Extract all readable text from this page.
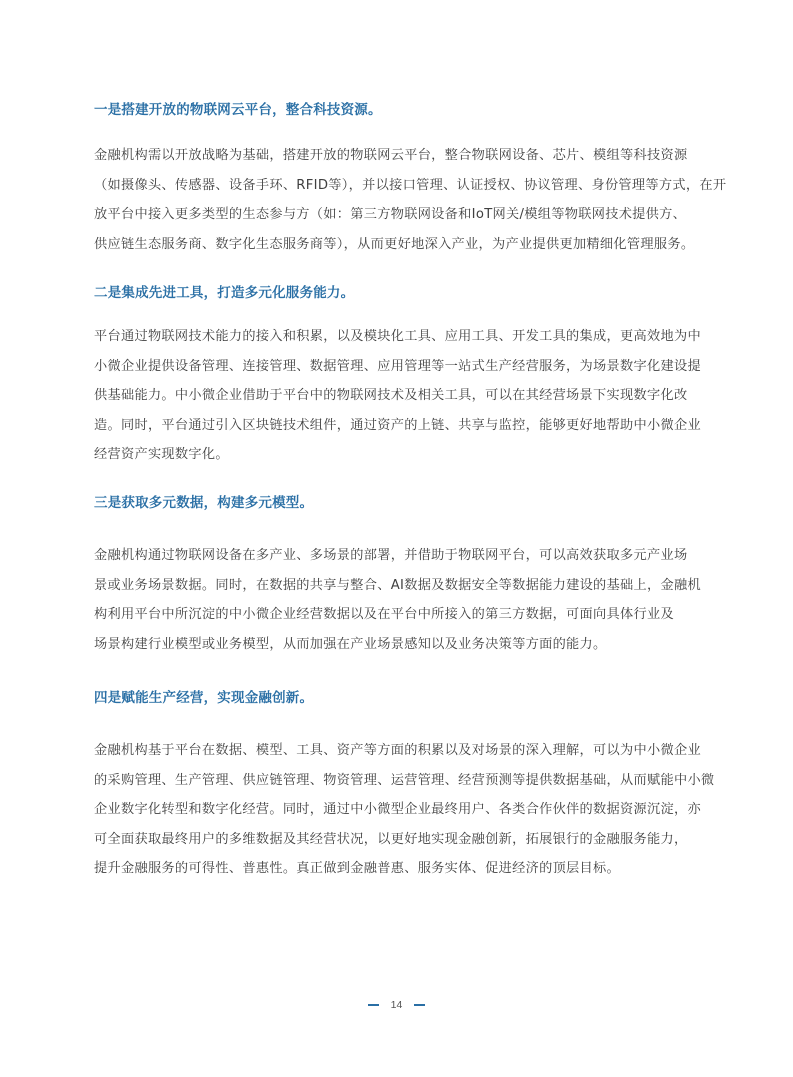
一是搭建开放的物联网云平台，整合科技资源。

金融机构需以开放战略为基础，搭建开放的物联网云平台，整合物联网设备、芯片、模组等科技资源
（如摄像头、传感器、设备手环、RFID等），并以接口管理、认证授权、协议管理、身份管理等方式，在开
放平台中接入更多类型的生态参与方（如：第三方物联网设备和IoT网关/模组等物联网技术提供方、
供应链生态服务商、数字化生态服务商等），从而更好地深入产业，为产业提供更加精细化管理服务。

二是集成先进工具，打造多元化服务能力。

平台通过物联网技术能力的接入和积累，以及模块化工具、应用工具、开发工具的集成，更高效地为中
小微企业提供设备管理、连接管理、数据管理、应用管理等一站式生产经营服务，为场景数字化建设提
供基础能力。中小微企业借助于平台中的物联网技术及相关工具，可以在其经营场景下实现数字化改
造。同时，平台通过引入区块链技术组件，通过资产的上链、共享与监控，能够更好地帮助中小微企业
经营资产实现数字化。

三是获取多元数据，构建多元模型。

金融机构通过物联网设备在多产业、多场景的部署，并借助于物联网平台，可以高效获取多元产业场
景或业务场景数据。同时，在数据的共享与整合、AI数据及数据安全等数据能力建设的基础上，金融机
构利用平台中所沉淀的中小微企业经营数据以及在平台中所接入的第三方数据，可面向具体行业及
场景构建行业模型或业务模型，从而加强在产业场景感知以及业务决策等方面的能力。

四是赋能生产经营，实现金融创新。

金融机构基于平台在数据、模型、工具、资产等方面的积累以及对场景的深入理解，可以为中小微企业
的采购管理、生产管理、供应链管理、物资管理、运营管理、经营预测等提供数据基础，从而赋能中小微
企业数字化转型和数字化经营。同时，通过中小微型企业最终用户、各类合作伙伴的数据资源沉淀，亦
可全面获取最终用户的多维数据及其经营状况，以更好地实现金融创新，拓展银行的金融服务能力，
提升金融服务的可得性、普惠性。真正做到金融普惠、服务实体、促进经济的顶层目标。

14
